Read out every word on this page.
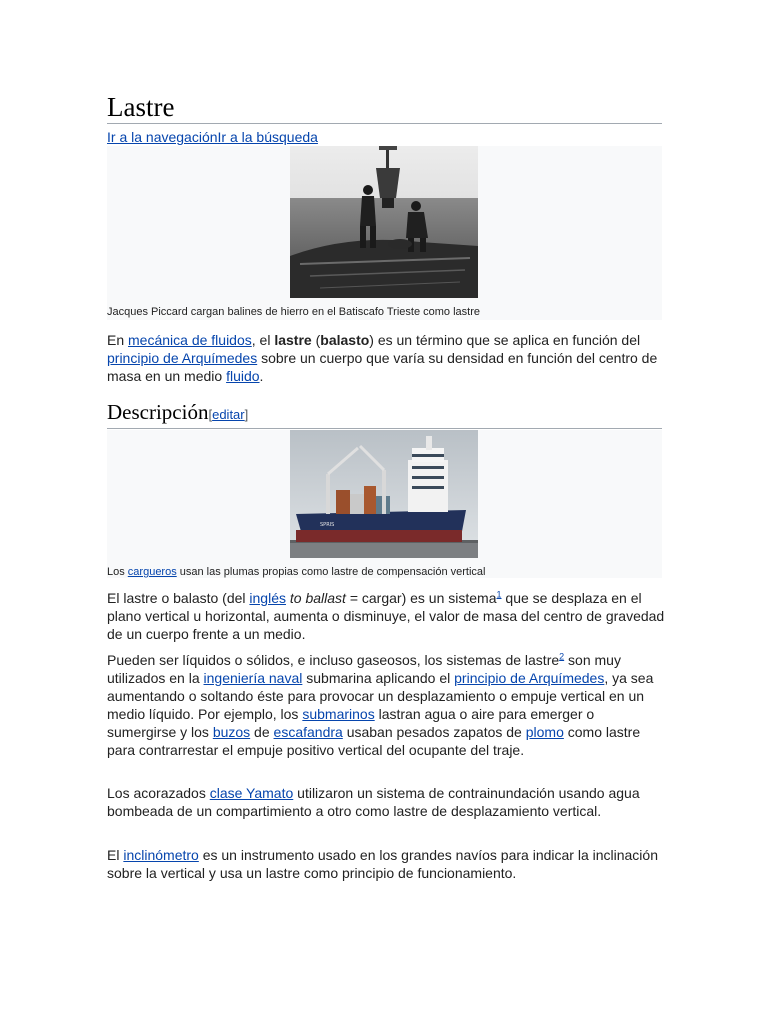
Lastre
Ir a la navegaciónIr a la búsqueda
Jacques Piccard cargan balines de hierro en el Batiscafo Trieste como lastre

En mecánica de fluidos, el lastre (balasto) es un término que se aplica en función del principio de Arquímedes sobre un cuerpo que varía su densidad en función del centro de masa en un medio fluido.

Descripción[editar]
SPRIS
Los cargueros usan las plumas propias como lastre de compensación vertical

El lastre o balasto (del inglés to ballast = cargar) es un sistema$^1$ que se desplaza en el plano vertical u horizontal, aumenta o disminuye, el valor de masa del centro de gravedad de un cuerpo frente a un medio.

Pueden ser líquidos o sólidos, e incluso gaseosos, los sistemas de lastre$^2$ son muy utilizados en la ingeniería naval submarina aplicando el principio de Arquímedes, ya sea aumentando o soltando éste para provocar un desplazamiento o empuje vertical en un medio líquido. Por ejemplo, los submarinos lastran agua o aire para emerger o sumergirse y los buzos de escafandra usaban pesados zapatos de plomo como lastre para contrarrestar el empuje positivo vertical del ocupante del traje.

Los acorazados clase Yamato utilizaron un sistema de contrainundación usando agua bombeada de un compartimiento a otro como lastre de desplazamiento vertical.

El inclinómetro es un instrumento usado en los grandes navíos para indicar la inclinación sobre la vertical y usa un lastre como principio de funcionamiento.
